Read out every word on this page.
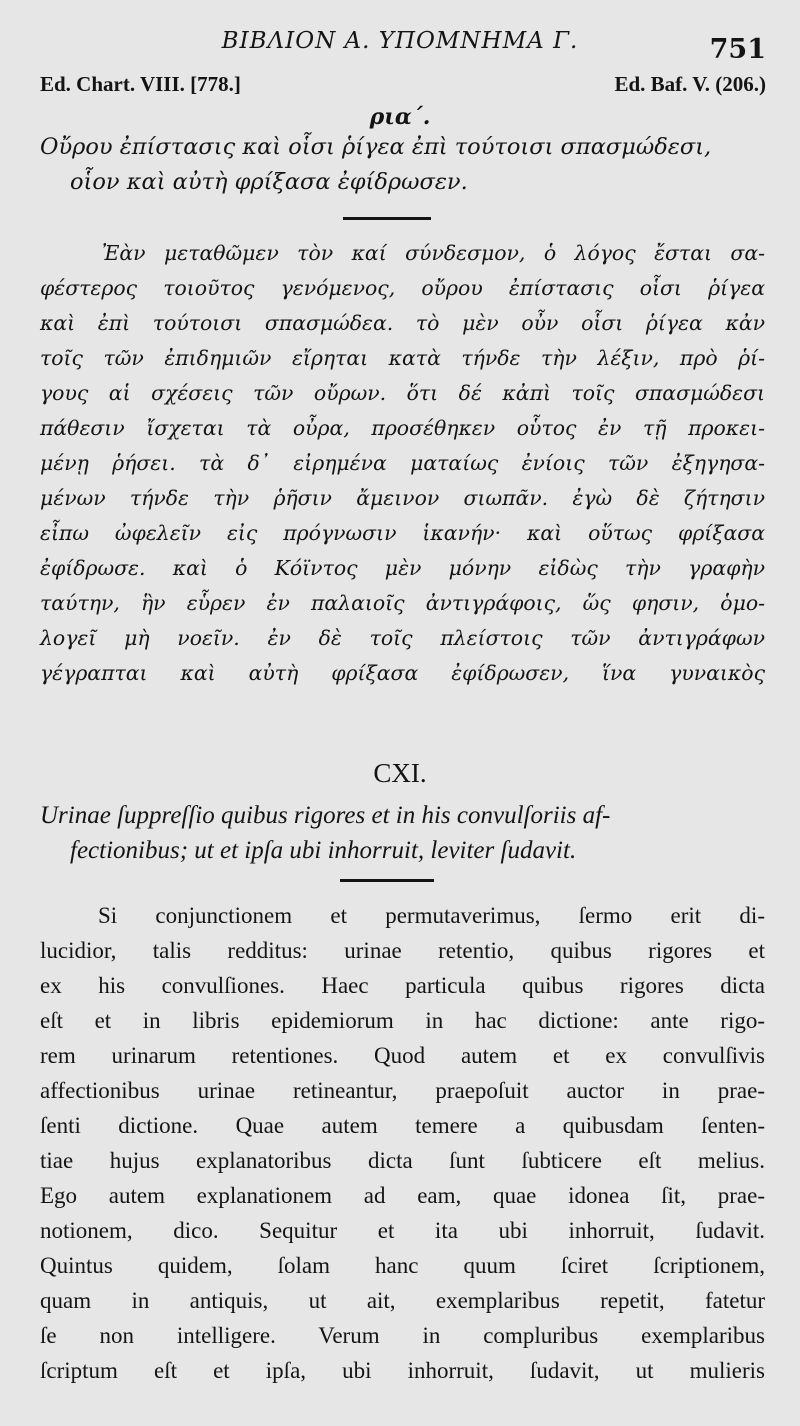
ΒΙΒΛΙΟΝ Α. ΥΠΟΜΝΗΜΑ Γ.	751
Ed. Chart. VIII. [778.]	Ed. Baf. V. (206.)
ρια΄.
Οὔρου ἐπίστασις καὶ οἷσι ῥίγεα ἐπὶ τούτοισι σπασμώδεσι,
οἷον καὶ αὐτὴ φρίξασα ἐφίδρωσεν.
Ἐὰν μεταθῶμεν τὸν καί σύνδεσμον, ὁ λόγος ἔσται σα-
φέστερος τοιοῦτος γενόμενος, οὔρου ἐπίστασις οἷσι ῥίγεα
καὶ ἐπὶ τούτοισι σπασμώδεα. τὸ μὲν οὖν οἷσι ῥίγεα κἀν
τοῖς τῶν ἐπιδημιῶν εἴρηται κατὰ τήνδε τὴν λέξιν, πρὸ ῥί-
γους αἱ σχέσεις τῶν οὔρων. ὅτι δέ κἀπὶ τοῖς σπασμώδεσι
πάθεσιν ἴσχεται τὰ οὖρα, προσέθηκεν οὗτος ἐν τῇ προκει-
μένῃ ῥήσει. τὰ δ᾿ εἰρημένα ματαίως ἐνίοις τῶν ἐξηγησα-
μένων τήνδε τὴν ῥῆσιν ἄμεινον σιωπᾶν. ἐγὼ δὲ ζήτησιν
εἶπω ὠφελεῖν εἰς πρόγνωσιν ἱκανήν· καὶ οὕτως φρίξασα
ἐφίδρωσε. καὶ ὁ Κόϊντος μὲν μόνην εἰδὼς τὴν γραφὴν
ταύτην, ἣν εὗρεν ἐν παλαιοῖς ἀντιγράφοις, ὥς φησιν, ὁμο-
λογεῖ μὴ νοεῖν. ἐν δὲ τοῖς πλείστοις τῶν ἀντιγράφων
γέγραπται καὶ αὐτὴ φρίξασα ἐφίδρωσεν, ἵνα γυναικὸς
CXI.
Urinae ſuppreſſio quibus rigores et in his convulſoriis af-
fectionibus; ut et ipſa ubi inhorruit, leviter ſudavit.
Si conjunctionem et permutaverimus, ſermo erit di-
lucidior, talis redditus: urinae retentio, quibus rigores et
ex his convulſiones. Haec particula quibus rigores dicta
eſt et in libris epidemiorum in hac dictione: ante rigo-
rem urinarum retentiones. Quod autem et ex convulſivis
affectionibus urinae retineantur, praepoſuit auctor in prae-
ſenti dictione. Quae autem temere a quibusdam ſenten-
tiae hujus explanatoribus dicta ſunt ſubticere eſt melius.
Ego autem explanationem ad eam, quae idonea ſit, prae-
notionem, dico. Sequitur et ita ubi inhorruit, ſudavit.
Quintus quidem, ſolam hanc quum ſciret ſcriptionem,
quam in antiquis, ut ait, exemplaribus repetit, fatetur
ſe non intelligere. Verum in compluribus exemplaribus
ſcriptum eſt et ipſa, ubi inhorruit, ſudavit, ut mulieris
